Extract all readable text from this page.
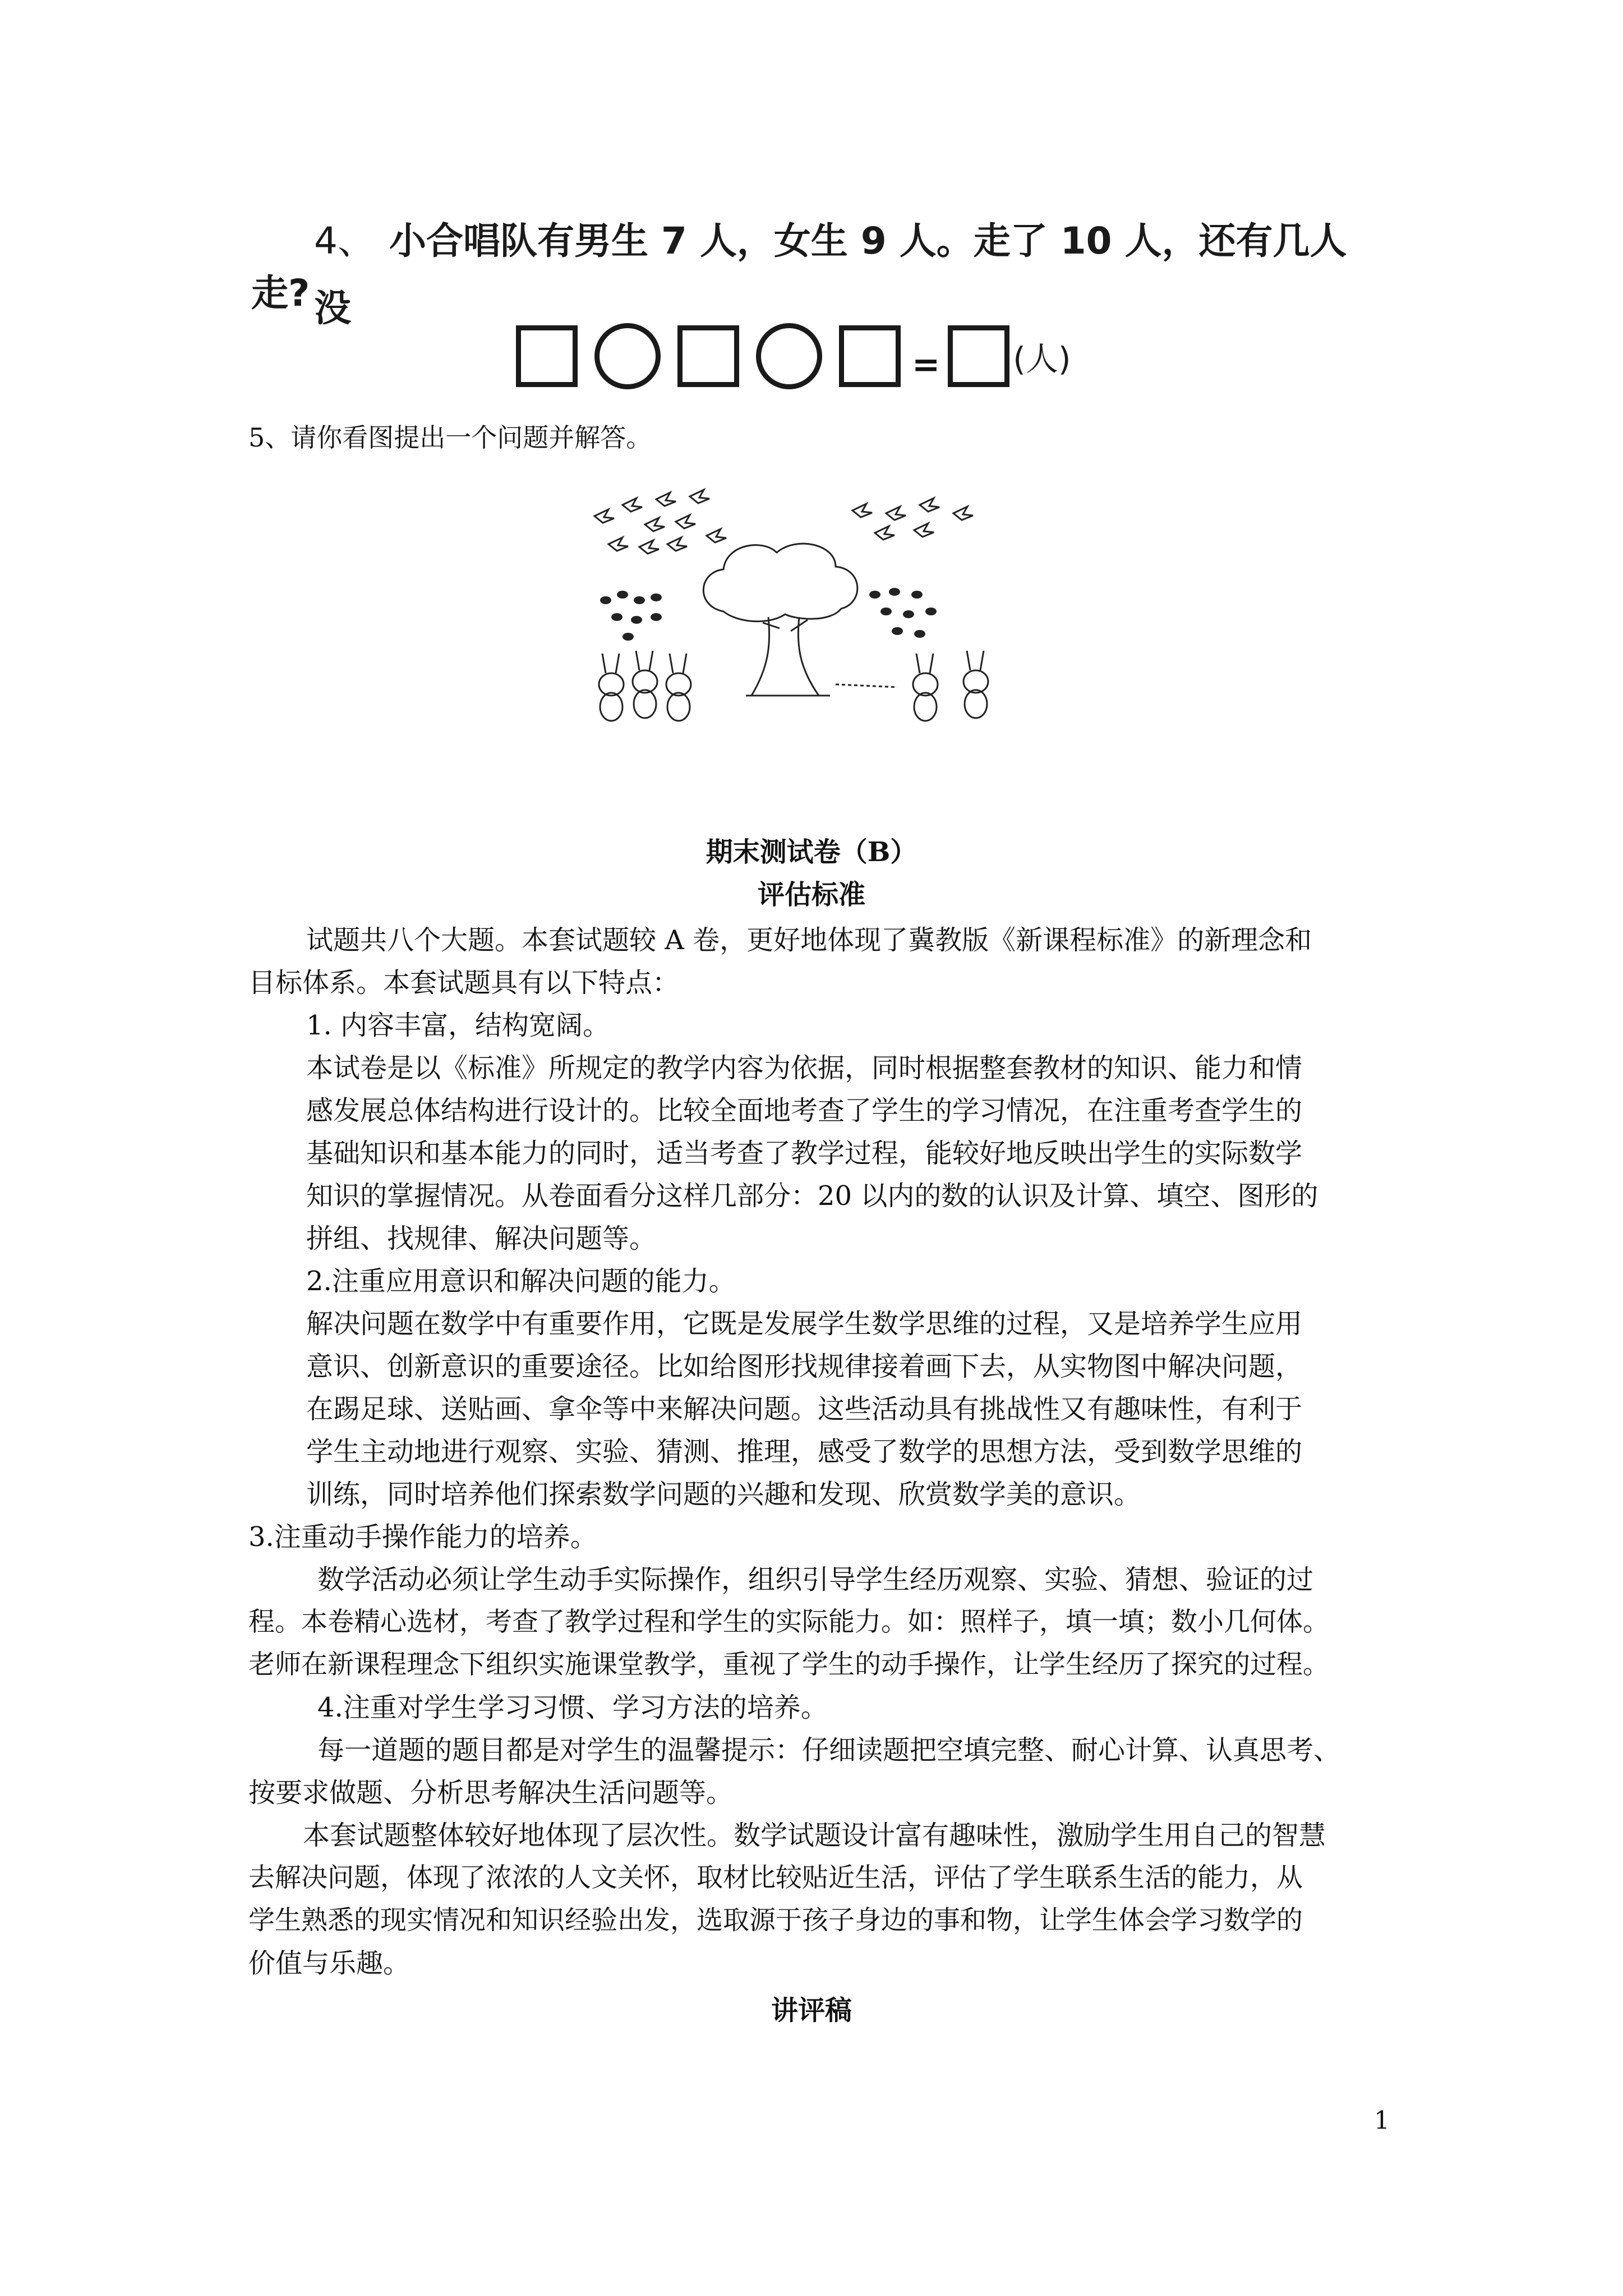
4、 小合唱队有男生 7 人，女生 9 人。走了 10 人，还有几人没
走?
= (人)
5、请你看图提出一个问题并解答。
期末测试卷（B）
评估标准
试题共八个大题。本套试题较 A 卷，更好地体现了冀教版《新课程标准》的新理念和
目标体系。本套试题具有以下特点：
1. 内容丰富，结构宽阔。
本试卷是以《标准》所规定的教学内容为依据，同时根据整套教材的知识、能力和情
感发展总体结构进行设计的。比较全面地考查了学生的学习情况，在注重考查学生的
基础知识和基本能力的同时，适当考查了教学过程，能较好地反映出学生的实际数学
知识的掌握情况。从卷面看分这样几部分：20 以内的数的认识及计算、填空、图形的
拼组、找规律、解决问题等。
2.注重应用意识和解决问题的能力。
解决问题在数学中有重要作用，它既是发展学生数学思维的过程，又是培养学生应用
意识、创新意识的重要途径。比如给图形找规律接着画下去，从实物图中解决问题，
在踢足球、送贴画、拿伞等中来解决问题。这些活动具有挑战性又有趣味性，有利于
学生主动地进行观察、实验、猜测、推理，感受了数学的思想方法，受到数学思维的
训练，同时培养他们探索数学问题的兴趣和发现、欣赏数学美的意识。
3.注重动手操作能力的培养。
数学活动必须让学生动手实际操作，组织引导学生经历观察、实验、猜想、验证的过
程。本卷精心选材，考查了教学过程和学生的实际能力。如：照样子，填一填；数小几何体。
老师在新课程理念下组织实施课堂教学，重视了学生的动手操作，让学生经历了探究的过程。
4.注重对学生学习习惯、学习方法的培养。
每一道题的题目都是对学生的温馨提示：仔细读题把空填完整、耐心计算、认真思考、
按要求做题、分析思考解决生活问题等。
本套试题整体较好地体现了层次性。数学试题设计富有趣味性，激励学生用自己的智慧
去解决问题，体现了浓浓的人文关怀，取材比较贴近生活，评估了学生联系生活的能力，从
学生熟悉的现实情况和知识经验出发，选取源于孩子身边的事和物，让学生体会学习数学的
价值与乐趣。
讲评稿
1
